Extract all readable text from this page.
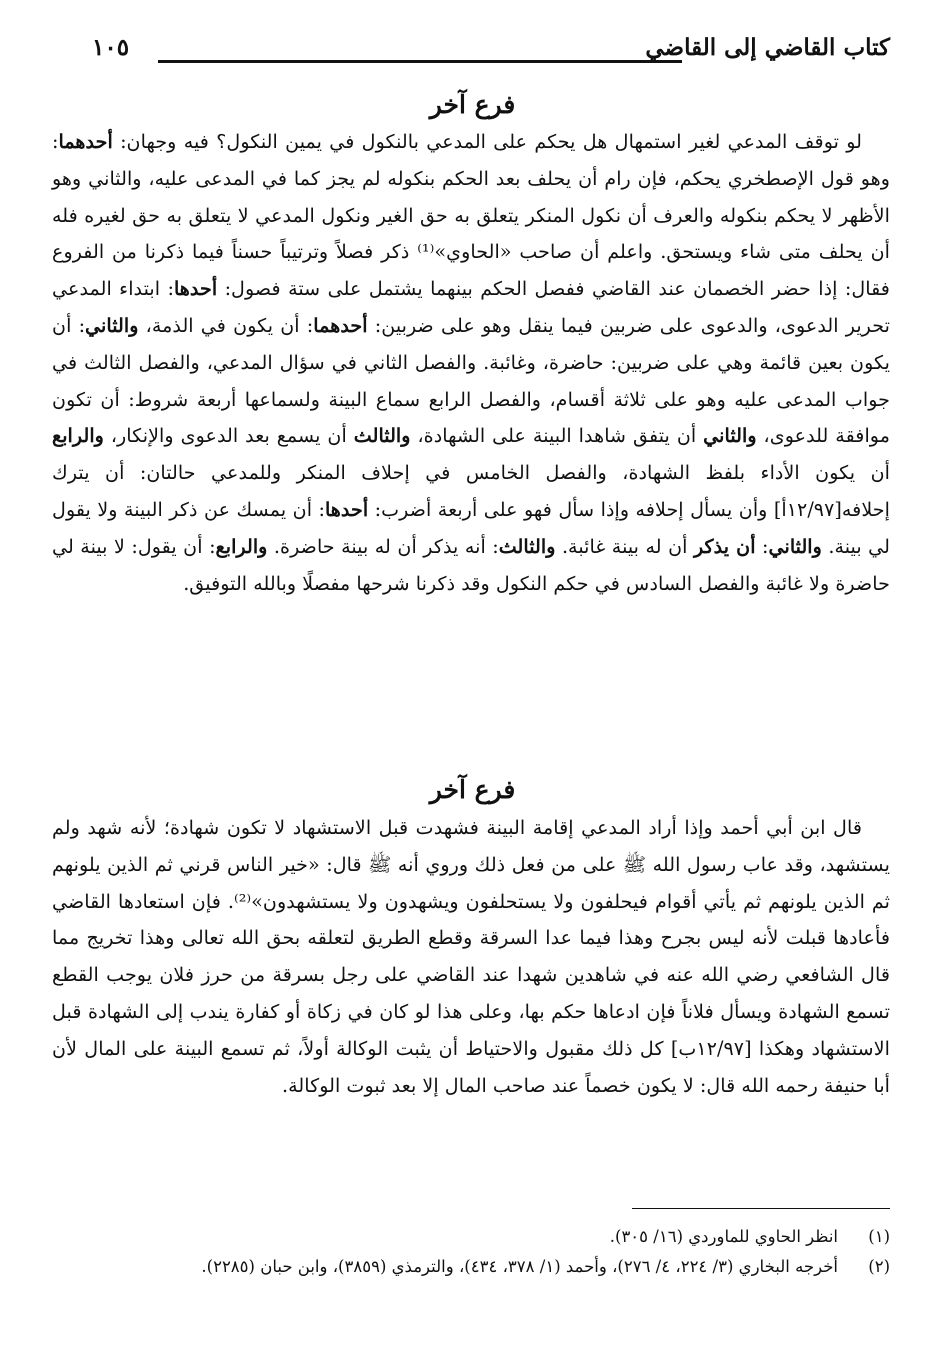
كتاب القاضي إلى القاضي
١٠٥
فرع آخر

لو توقف المدعي لغير استمهال هل يحكم على المدعي بالنكول في يمين النكول؟ فيه وجهان: أحدهما: وهو قول الإصطخري يحكم، فإن رام أن يحلف بعد الحكم بنكوله لم يجز كما في المدعى عليه، والثاني وهو الأظهر لا يحكم بنكوله والعرف أن نكول المنكر يتعلق به حق الغير ونكول المدعي لا يتعلق به حق لغيره فله أن يحلف متى شاء ويستحق. واعلم أن صاحب «الحاوي»⁽¹⁾ ذكر فصلاً وترتيباً حسناً فيما ذكرنا من الفروع فقال: إذا حضر الخصمان عند القاضي ففصل الحكم بينهما يشتمل على ستة فصول: أحدها: ابتداء المدعي تحرير الدعوى، والدعوى على ضربين فيما ينقل وهو على ضربين: أحدهما: أن يكون في الذمة، والثاني: أن يكون بعين قائمة وهي على ضربين: حاضرة، وغائبة. والفصل الثاني في سؤال المدعي، والفصل الثالث في جواب المدعى عليه وهو على ثلاثة أقسام، والفصل الرابع سماع البينة ولسماعها أربعة شروط: أن تكون موافقة للدعوى، والثاني أن يتفق شاهدا البينة على الشهادة، والثالث أن يسمع بعد الدعوى والإنكار، والرابع أن يكون الأداء بلفظ الشهادة، والفصل الخامس في إحلاف المنكر وللمدعي حالتان: أن يترك إحلافه[١٢/٩٧أ] وأن يسأل إحلافه وإذا سأل فهو على أربعة أضرب: أحدها: أن يمسك عن ذكر البينة ولا يقول لي بينة. والثاني: أن يذكر أن له بينة غائبة. والثالث: أنه يذكر أن له بينة حاضرة. والرابع: أن يقول: لا بينة لي حاضرة ولا غائبة والفصل السادس في حكم النكول وقد ذكرنا شرحها مفصلًا وبالله التوفيق.

فرع آخر

قال ابن أبي أحمد وإذا أراد المدعي إقامة البينة فشهدت قبل الاستشهاد لا تكون شهادة؛ لأنه شهد ولم يستشهد، وقد عاب رسول الله ﷺ على من فعل ذلك وروي أنه ﷺ قال: «خير الناس قرني ثم الذين يلونهم ثم الذين يلونهم ثم يأتي أقوام فيحلفون ولا يستحلفون ويشهدون ولا يستشهدون»⁽²⁾. فإن استعادها القاضي فأعادها قبلت لأنه ليس بجرح وهذا فيما عدا السرقة وقطع الطريق لتعلقه بحق الله تعالى وهذا تخريج مما قال الشافعي رضي الله عنه في شاهدين شهدا عند القاضي على رجل بسرقة من حرز فلان يوجب القطع تسمع الشهادة ويسأل فلاناً فإن ادعاها حكم بها، وعلى هذا لو كان في زكاة أو كفارة يندب إلى الشهادة قبل الاستشهاد وهكذا [١٢/٩٧ب] كل ذلك مقبول والاحتياط أن يثبت الوكالة أولاً، ثم تسمع البينة على المال لأن أبا حنيفة رحمه الله قال: لا يكون خصماً عند صاحب المال إلا بعد ثبوت الوكالة.

(١)
انظر الحاوي للماوردي (١٦/ ٣٠٥).
(٢)
أخرجه البخاري (٣/ ٢٢٤، ٤/ ٢٧٦)، وأحمد (١/ ٣٧٨، ٤٣٤)، والترمذي (٣٨٥٩)، وابن حبان (٢٢٨٥).
